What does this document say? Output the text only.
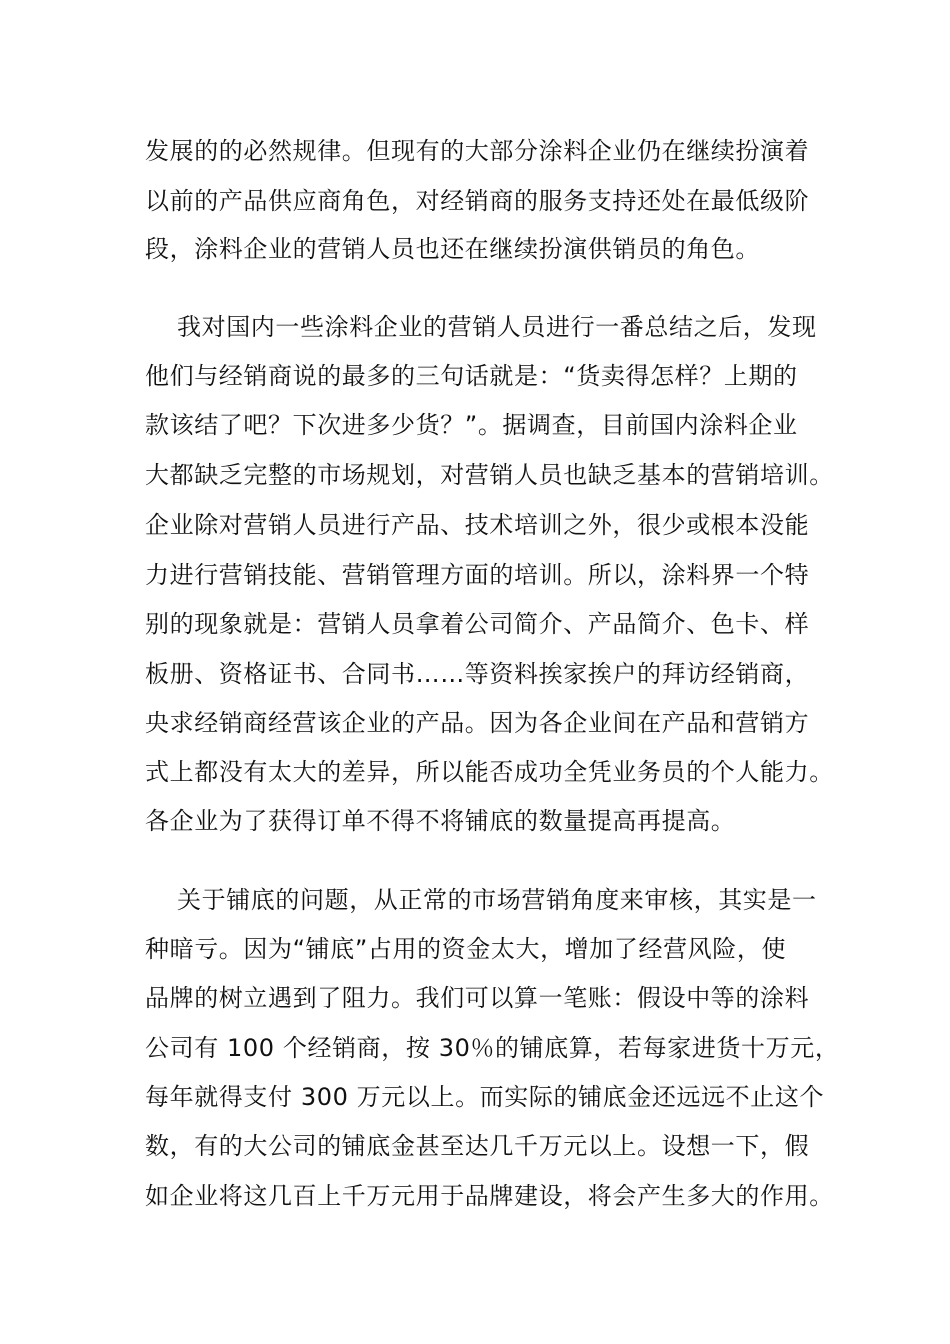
发展的的必然规律。但现有的大部分涂料企业仍在继续扮演着
以前的产品供应商角色，对经销商的服务支持还处在最低级阶
段，涂料企业的营销人员也还在继续扮演供销员的角色。
我对国内一些涂料企业的营销人员进行一番总结之后，发现
他们与经销商说的最多的三句话就是：“货卖得怎样？上期的
款该结了吧？下次进多少货？”。据调查，目前国内涂料企业
大都缺乏完整的市场规划，对营销人员也缺乏基本的营销培训。
企业除对营销人员进行产品、技术培训之外，很少或根本没能
力进行营销技能、营销管理方面的培训。所以，涂料界一个特
别的现象就是：营销人员拿着公司简介、产品简介、色卡、样
板册、资格证书、合同书……等资料挨家挨户的拜访经销商，
央求经销商经营该企业的产品。因为各企业间在产品和营销方
式上都没有太大的差异，所以能否成功全凭业务员的个人能力。
各企业为了获得订单不得不将铺底的数量提高再提高。
关于铺底的问题，从正常的市场营销角度来审核，其实是一
种暗亏。因为“铺底”占用的资金太大，增加了经营风险，使
品牌的树立遇到了阻力。我们可以算一笔账：假设中等的涂料
公司有 100 个经销商，按 30％的铺底算，若每家进货十万元，
每年就得支付 300 万元以上。而实际的铺底金还远远不止这个
数，有的大公司的铺底金甚至达几千万元以上。设想一下，假
如企业将这几百上千万元用于品牌建设，将会产生多大的作用。
